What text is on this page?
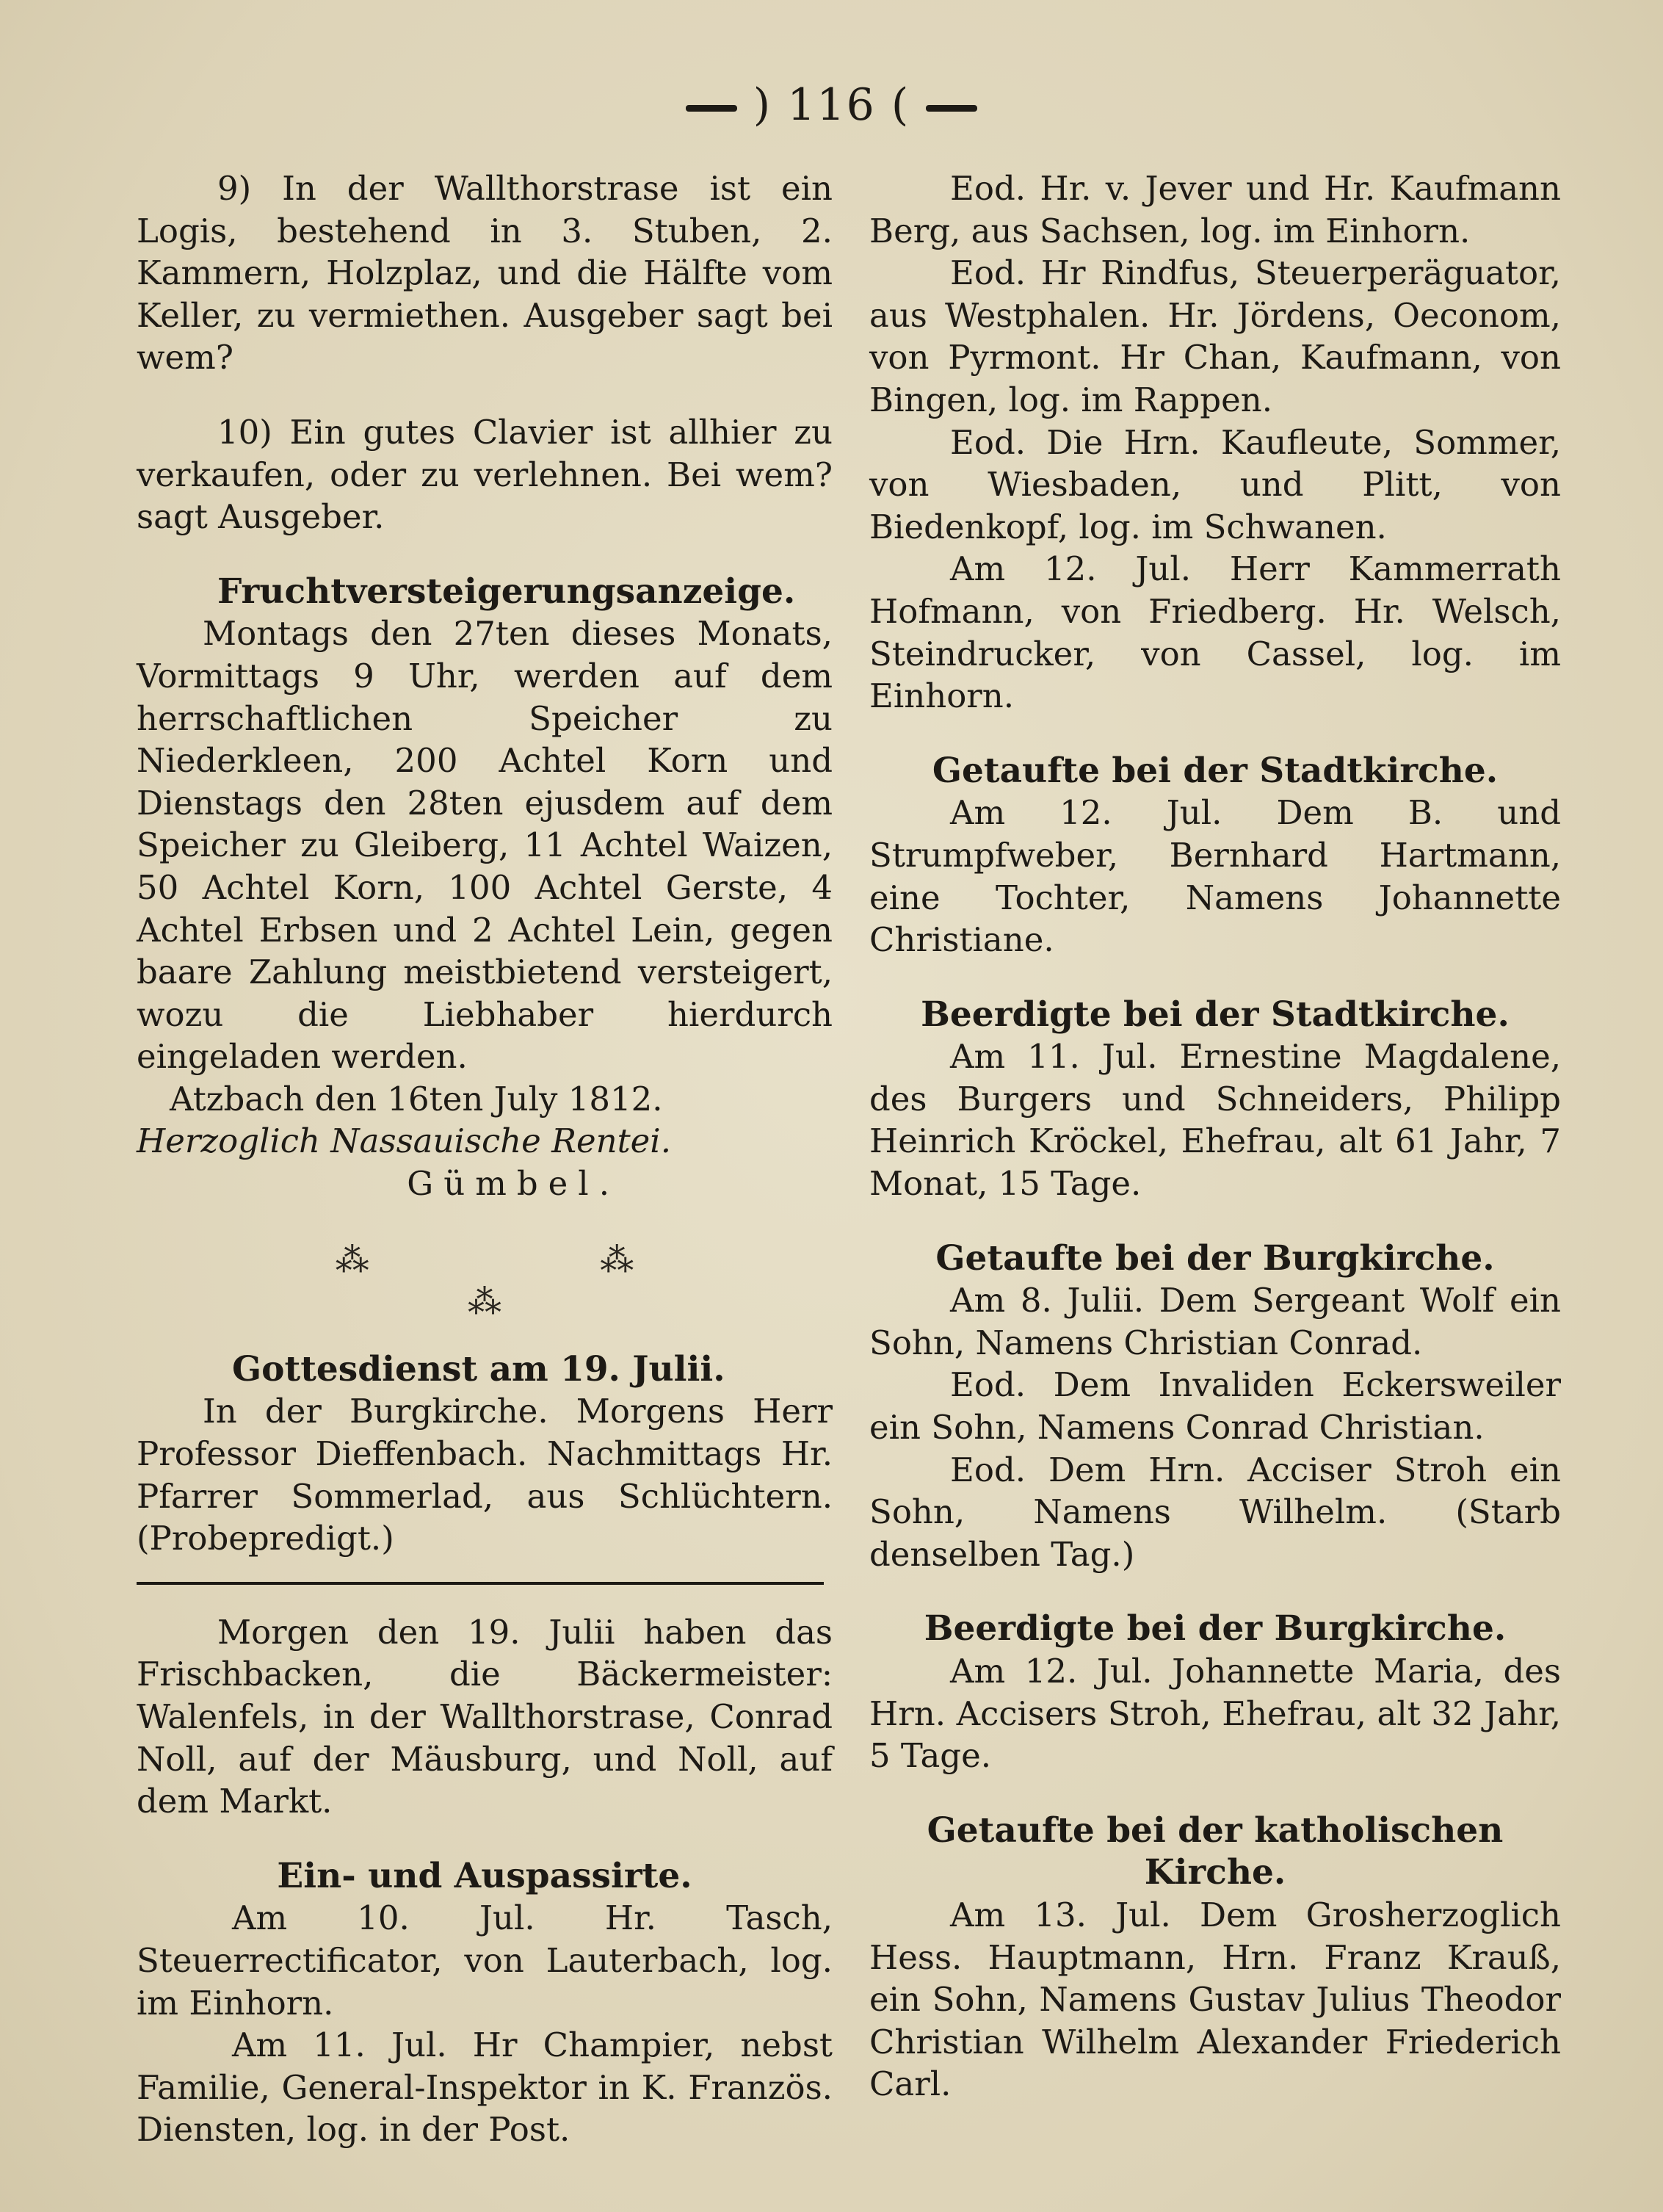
) 116 (

9) In der Wallthorstrase ist ein Logis, bestehend in 3. Stuben, 2. Kammern, Holzplaz, und die Hälfte vom Keller, zu vermiethen. Ausgeber sagt bei wem?

10) Ein gutes Clavier ist allhier zu verkaufen, oder zu verlehnen. Bei wem? sagt Ausgeber.

Fruchtversteigerungsanzeige.

Montags den 27ten dieses Monats, Vormittags 9 Uhr, werden auf dem herrschaftlichen Speicher zu Niederkleen, 200 Achtel Korn und Dienstags den 28ten ejusdem auf dem Speicher zu Gleiberg, 11 Achtel Waizen, 50 Achtel Korn, 100 Achtel Gerste, 4 Achtel Erbsen und 2 Achtel Lein, gegen baare Zahlung meistbietend versteigert, wozu die Liebhaber hierdurch eingeladen werden.

Atzbach den 16ten July 1812.

Herzoglich Nassauische Rentei.

Gümbel.

⁂ ⁂ ⁂

Gottesdienst am 19. Julii.

In der Burgkirche. Morgens Herr Professor Dieffenbach. Nachmittags Hr. Pfarrer Sommerlad, aus Schlüchtern. (Probepredigt.)

Morgen den 19. Julii haben das Frischbacken, die Bäckermeister: Walenfels, in der Wallthorstrase, Conrad Noll, auf der Mäusburg, und Noll, auf dem Markt.

Ein- und Auspassirte.

Am 10. Jul. Hr. Tasch, Steuerrectificator, von Lauterbach, log. im Einhorn.

Am 11. Jul. Hr Champier, nebst Familie, General-Inspektor in K. Französ. Diensten, log. in der Post.

Eod. Hr. v. Jever und Hr. Kaufmann Berg, aus Sachsen, log. im Einhorn.

Eod. Hr Rindfus, Steuerperäguator, aus Westphalen. Hr. Jördens, Oeconom, von Pyrmont. Hr Chan, Kaufmann, von Bingen, log. im Rappen.

Eod. Die Hrn. Kaufleute, Sommer, von Wiesbaden, und Plitt, von Biedenkopf, log. im Schwanen.

Am 12. Jul. Herr Kammerrath Hofmann, von Friedberg. Hr. Welsch, Steindrucker, von Cassel, log. im Einhorn.

Getaufte bei der Stadtkirche.

Am 12. Jul. Dem B. und Strumpfweber, Bernhard Hartmann, eine Tochter, Namens Johannette Christiane.

Beerdigte bei der Stadtkirche.

Am 11. Jul. Ernestine Magdalene, des Burgers und Schneiders, Philipp Heinrich Kröckel, Ehefrau, alt 61 Jahr, 7 Monat, 15 Tage.

Getaufte bei der Burgkirche.

Am 8. Julii. Dem Sergeant Wolf ein Sohn, Namens Christian Conrad.

Eod. Dem Invaliden Eckersweiler ein Sohn, Namens Conrad Christian.

Eod. Dem Hrn. Acciser Stroh ein Sohn, Namens Wilhelm. (Starb denselben Tag.)

Beerdigte bei der Burgkirche.

Am 12. Jul. Johannette Maria, des Hrn. Accisers Stroh, Ehefrau, alt 32 Jahr, 5 Tage.

Getaufte bei der katholischen Kirche.

Am 13. Jul. Dem Grosherzoglich Hess. Hauptmann, Hrn. Franz Krauß, ein Sohn, Namens Gustav Julius Theodor Christian Wilhelm Alexander Friederich Carl.
